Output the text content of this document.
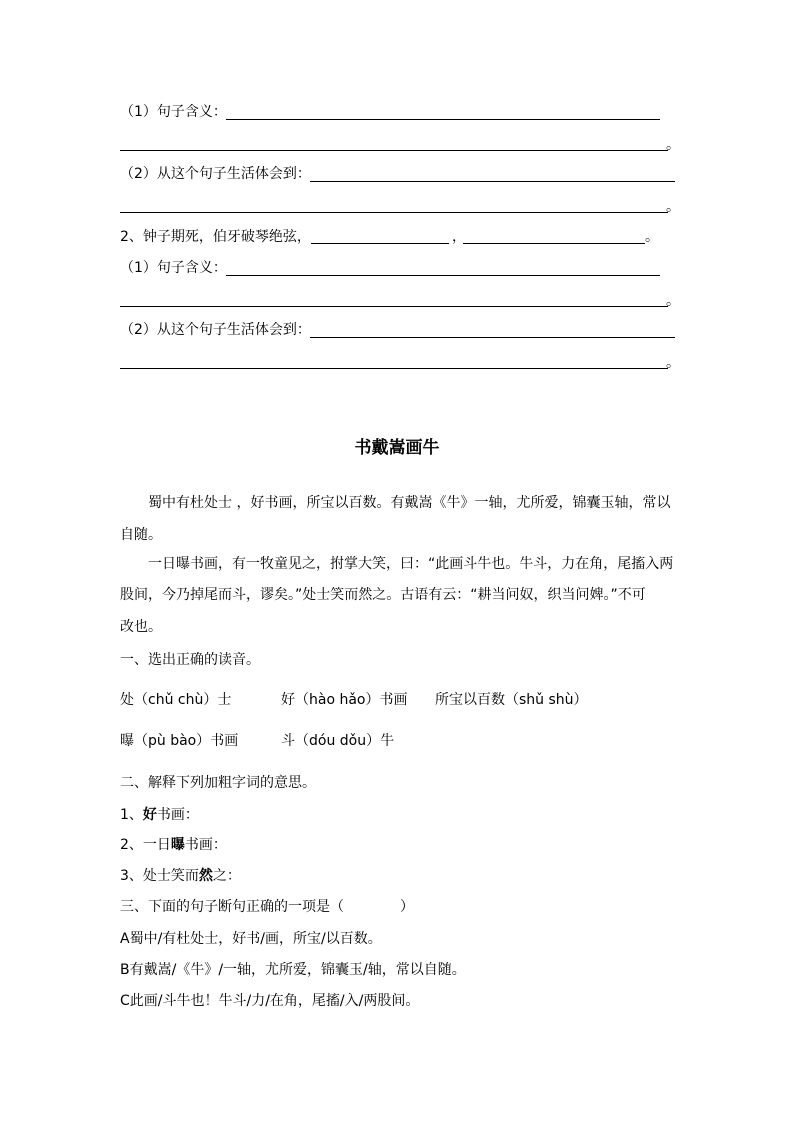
（1）句子含义：
。
（2）从这个句子生活体会到：
。
2、钟子期死，伯牙破琴绝弦，	，	。
（1）句子含义：
。
（2）从这个句子生活体会到：
。
书戴嵩画牛
蜀中有杜处士 ，好书画，所宝以百数。有戴嵩《牛》一轴，尤所爱，锦囊玉轴，常以
自随。
一日曝书画，有一牧童见之，拊掌大笑，曰：“此画斗牛也。牛斗，力在角，尾搐入两
股间，今乃掉尾而斗，谬矣。”处士笑而然之。古语有云：“耕当问奴，织当问婢。”不可
改也。
一、选出正确的读音。
处（chǔ chù）士	好（hào hǎo）书画 所宝以百数（shǔ shù）
曝（pù bào）书画	斗（dóu dǒu）牛
二、解释下列加粗字词的意思。
1、好书画：
2、一日曝书画：
3、处士笑而然之：
三、下面的句子断句正确的一项是（　　　　）
A蜀中/有杜处士，好书/画，所宝/以百数。
B有戴嵩/《牛》/一轴，尤所爱，锦囊玉/轴，常以自随。
C此画/斗牛也！牛斗/力/在角，尾搐/入/两股间。
